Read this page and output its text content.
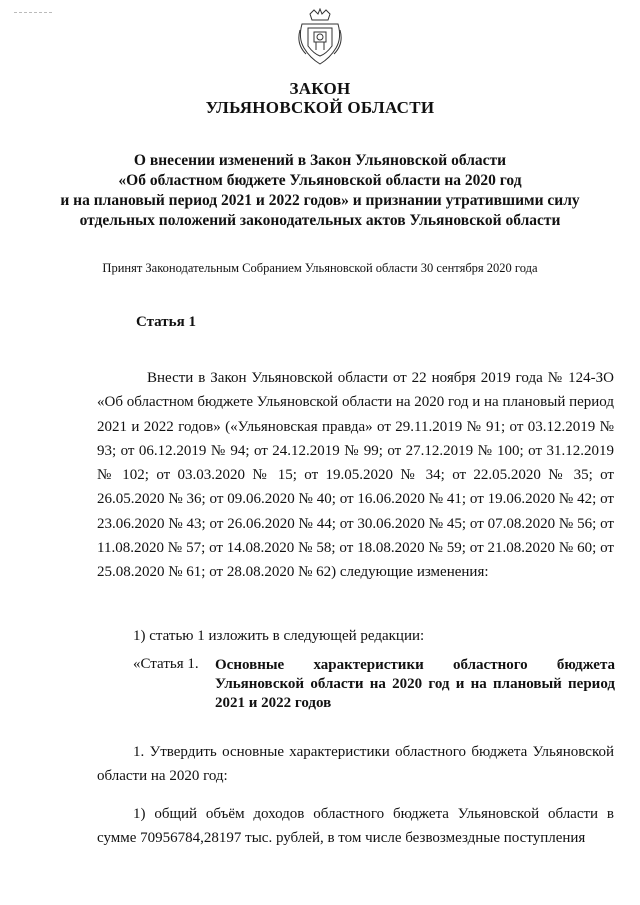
ЗАКОН
УЛЬЯНОВСКОЙ ОБЛАСТИ
О внесении изменений в Закон Ульяновской области
«Об областном бюджете Ульяновской области на 2020 год
и на плановый период 2021 и 2022 годов» и признании утратившими силу
отдельных положений законодательных актов Ульяновской области
Принят Законодательным Собранием Ульяновской области 30 сентября 2020 года
Статья 1
Внести в Закон Ульяновской области от 22 ноября 2019 года № 124-ЗО «Об областном бюджете Ульяновской области на 2020 год и на плановый период 2021 и 2022 годов» («Ульяновская правда» от 29.11.2019 № 91; от 03.12.2019 № 93; от 06.12.2019 № 94; от 24.12.2019 № 99; от 27.12.2019 № 100; от 31.12.2019 № 102; от 03.03.2020 № 15; от 19.05.2020 № 34; от 22.05.2020 № 35; от 26.05.2020 № 36; от 09.06.2020 № 40; от 16.06.2020 № 41; от 19.06.2020 № 42; от 23.06.2020 № 43; от 26.06.2020 № 44; от 30.06.2020 № 45; от 07.08.2020 № 56; от 11.08.2020 № 57; от 14.08.2020 № 58; от 18.08.2020 № 59; от 21.08.2020 № 60; от 25.08.2020 № 61; от 28.08.2020 № 62) следующие изменения:
1) статью 1 изложить в следующей редакции:
«Статья 1. Основные характеристики областного бюджета Ульяновской области на 2020 год и на плановый период 2021 и 2022 годов
1. Утвердить основные характеристики областного бюджета Ульяновской области на 2020 год:
1) общий объём доходов областного бюджета Ульяновской области в сумме 70956784,28197 тыс. рублей, в том числе безвозмездные поступления
